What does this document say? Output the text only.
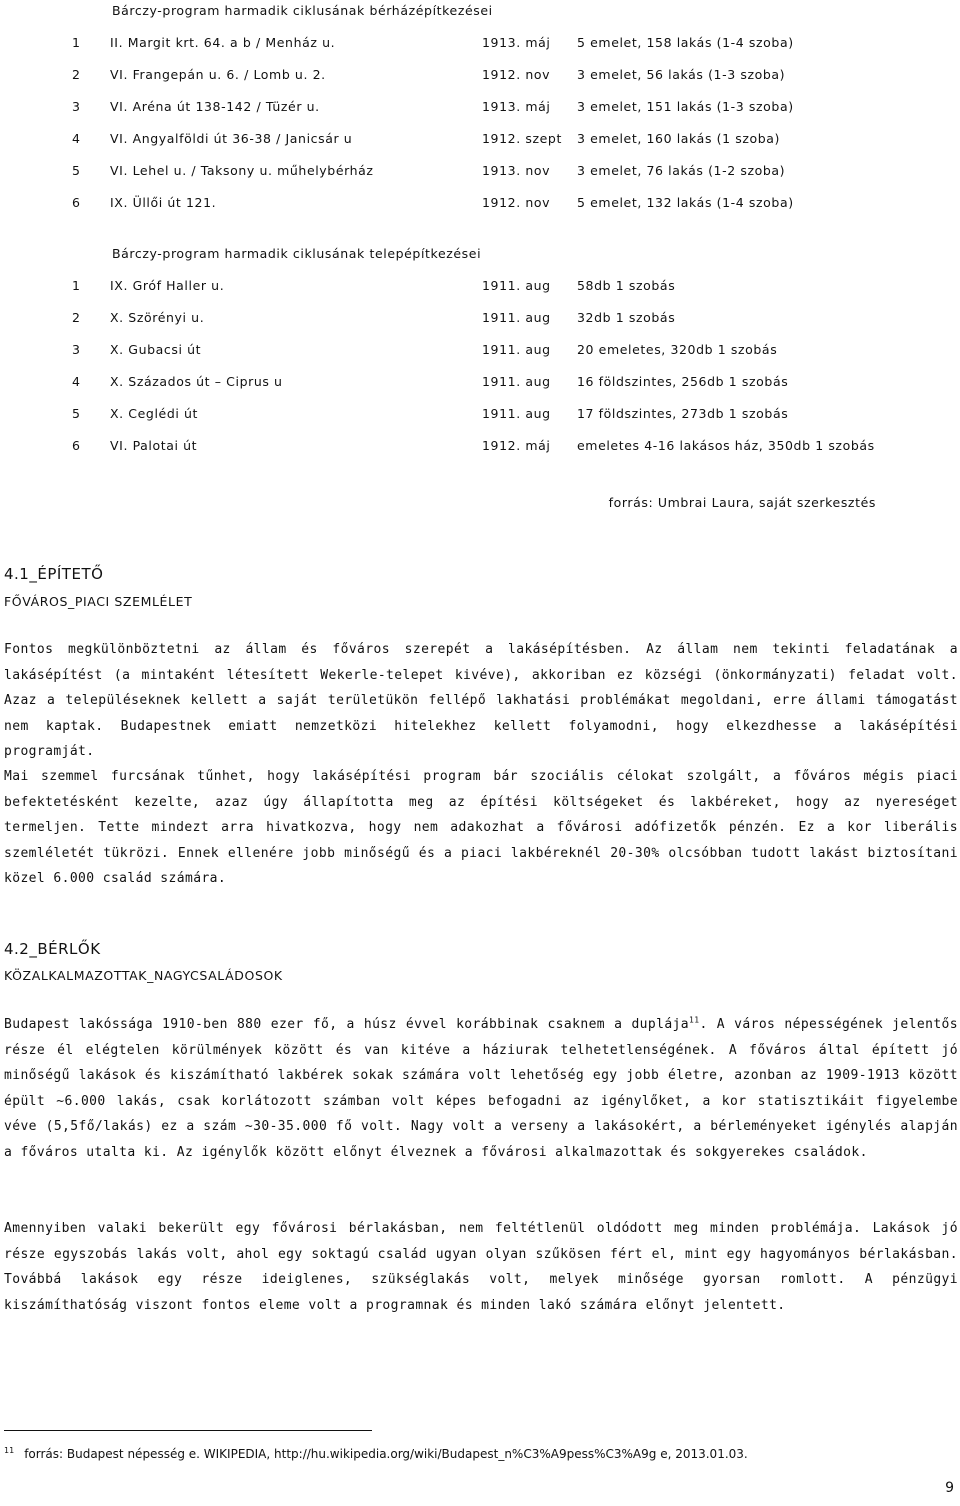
Bárczy-program harmadik ciklusának bérházépítkezései
1 II. Margit krt. 64. a b / Menház u.	1913. máj 5 emelet, 158 lakás (1-4 szoba)
2 VI. Frangepán u. 6. / Lomb u. 2.	1912. nov 3 emelet, 56 lakás (1-3 szoba)
3 VI. Aréna út 138-142 / Tüzér u.	1913. máj 3 emelet, 151 lakás (1-3 szoba)
4 VI. Angyalföldi út 36-38 / Janicsár u	1912. szept 3 emelet, 160 lakás (1 szoba)
5 VI. Lehel u. / Taksony u. műhelybérház	1913. nov 3 emelet, 76 lakás (1-2 szoba)
6 IX. Üllői út 121.	1912. nov 5 emelet, 132 lakás (1-4 szoba)
Bárczy-program harmadik ciklusának telepépítkezései
1 IX. Gróf Haller u.	1911. aug 58db 1 szobás
2 X. Szörényi u.	1911. aug 32db 1 szobás
3 X. Gubacsi út	1911. aug 20 emeletes, 320db 1 szobás
4 X. Százados út – Ciprus u	1911. aug 16 földszintes, 256db 1 szobás
5 X. Ceglédi út	1911. aug 17 földszintes, 273db 1 szobás
6 VI. Palotai út	1912. máj emeletes 4-16 lakásos ház, 350db 1 szobás
forrás: Umbrai Laura, saját szerkesztés
4.1_ÉPÍTETŐ
FŐVÁROS_PIACI SZEMLÉLET

Fontos megkülönböztetni az állam és főváros szerepét a lakásépítésben. Az állam nem tekinti feladatának a lakásépítést (a mintaként létesített Wekerle-telepet kivéve), akkoriban ez községi (önkormányzati) feladat volt. Azaz a településeknek kellett a saját területükön fellépő lakhatási problémákat megoldani, erre állami támogatást nem kaptak. Budapestnek emiatt nemzetközi hitelekhez kellett folyamodni, hogy elkezdhesse a lakásépítési programját.

Mai szemmel furcsának tűnhet, hogy lakásépítési program bár szociális célokat szolgált, a főváros mégis piaci befektetésként kezelte, azaz úgy állapította meg az építési költségeket és lakbéreket, hogy az nyereséget termeljen. Tette mindezt arra hivatkozva, hogy nem adakozhat a fővárosi adófizetők pénzén. Ez a kor liberális szemléletét tükrözi. Ennek ellenére jobb minőségű és a piaci lakbéreknél 20-30% olcsóbban tudott lakást biztosítani közel 6.000 család számára.

4.2_BÉRLŐK
KÖZALKALMAZOTTAK_NAGYCSALÁDOSOK

Budapest lakóssága 1910-ben 880 ezer fő, a húsz évvel korábbinak csaknem a duplája$^{11}$. A város népességének jelentős része él elégtelen körülmények között és van kitéve a háziurak telhetetlenségének. A főváros által épített jó minőségű lakások és kiszámítható lakbérek sokak számára volt lehetőség egy jobb életre, azonban az 1909-1913 között épült ~6.000 lakás, csak korlátozott számban volt képes befogadni az igénylőket, a kor statisztikáit figyelembe véve (5,5fő/lakás) ez a szám ~30-35.000 fő volt. Nagy volt a verseny a lakásokért, a bérleményeket igénylés alapján a főváros utalta ki. Az igénylők között előnyt élveznek a fővárosi alkalmazottak és sokgyerekes családok.

Amennyiben valaki bekerült egy fővárosi bérlakásban, nem feltétlenül oldódott meg minden problémája. Lakások jó része egyszobás lakás volt, ahol egy soktagú család ugyan olyan szűkösen fért el, mint egy hagyományos bérlakásban. Továbbá lakások egy része ideiglenes, szükséglakás volt, melyek minősége gyorsan romlott. A pénzügyi kiszámíthatóság viszont fontos eleme volt a programnak és minden lakó számára előnyt jelentett.

$^{11}$ forrás: Budapest népesség e. WIKIPEDIA, http://hu.wikipedia.org/wiki/Budapest_n%C3%A9pess%C3%A9g e, 2013.01.03.
9
